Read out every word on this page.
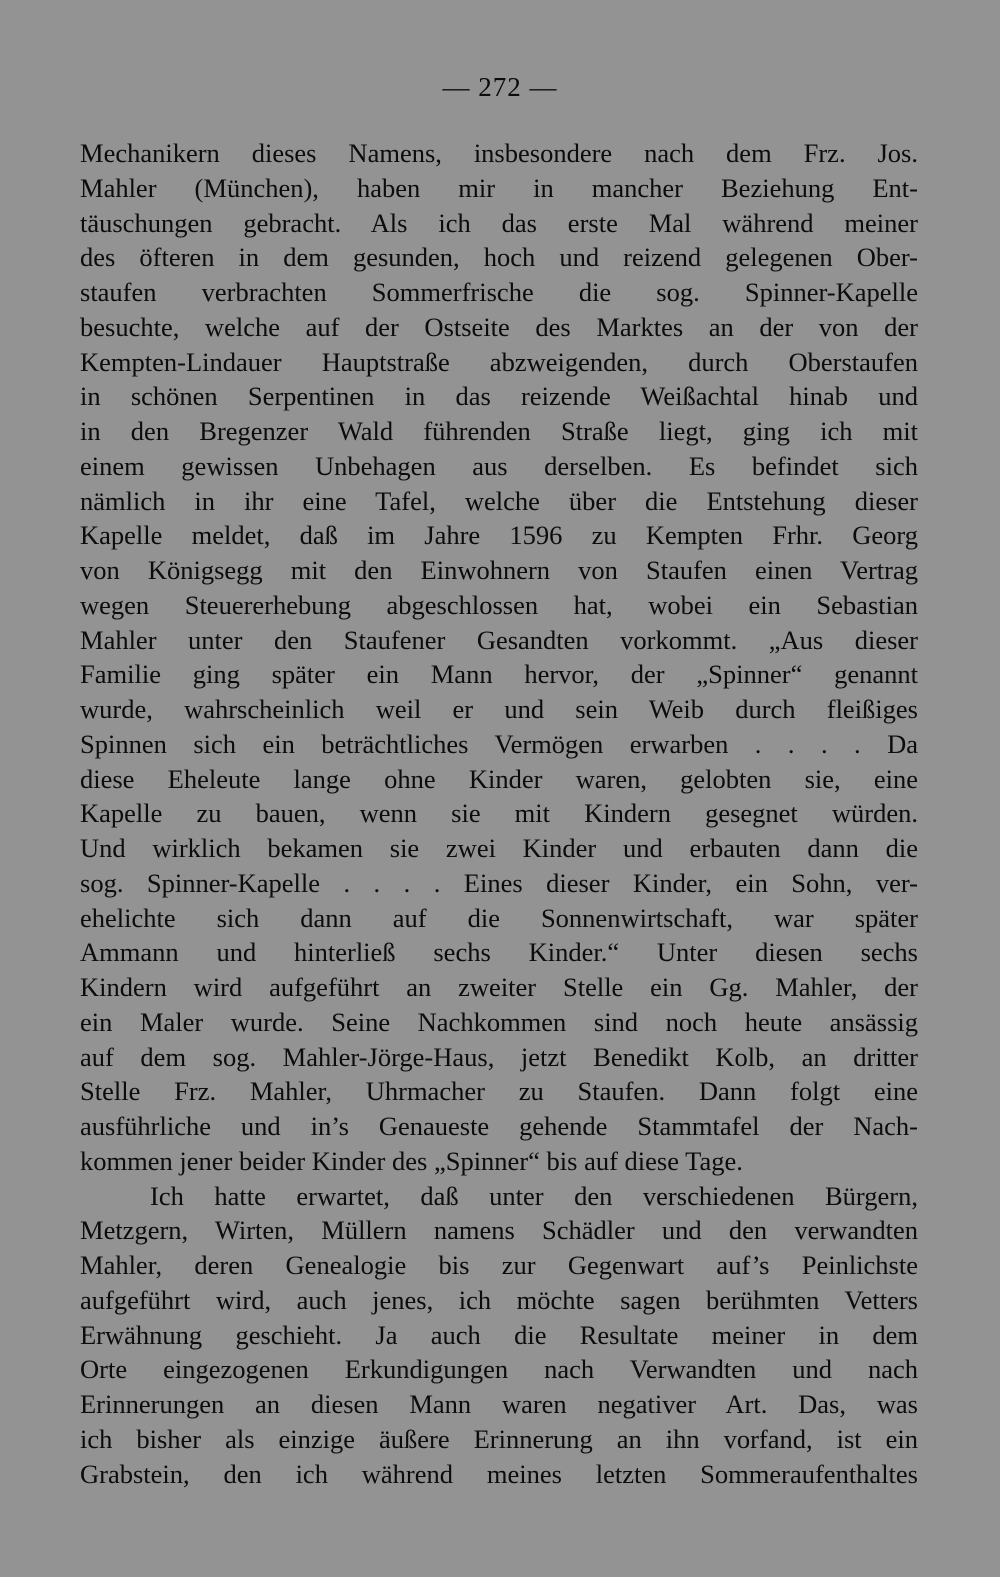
— 272 —
Mechanikern dieses Namens, insbesondere nach dem Frz. Jos.
Mahler (München), haben mir in mancher Beziehung Ent-
täuschungen gebracht. Als ich das erste Mal während meiner
des öfteren in dem gesunden, hoch und reizend gelegenen Ober-
staufen verbrachten Sommerfrische die sog. Spinner-Kapelle
besuchte, welche auf der Ostseite des Marktes an der von der
Kempten-Lindauer Hauptstraße abzweigenden, durch Oberstaufen
in schönen Serpentinen in das reizende Weißachtal hinab und
in den Bregenzer Wald führenden Straße liegt, ging ich mit
einem gewissen Unbehagen aus derselben. Es befindet sich
nämlich in ihr eine Tafel, welche über die Entstehung dieser
Kapelle meldet, daß im Jahre 1596 zu Kempten Frhr. Georg
von Königsegg mit den Einwohnern von Staufen einen Vertrag
wegen Steuererhebung abgeschlossen hat, wobei ein Sebastian
Mahler unter den Staufener Gesandten vorkommt. „Aus dieser
Familie ging später ein Mann hervor, der „Spinner“ genannt
wurde, wahrscheinlich weil er und sein Weib durch fleißiges
Spinnen sich ein beträchtliches Vermögen erwarben . . . . Da
diese Eheleute lange ohne Kinder waren, gelobten sie, eine
Kapelle zu bauen, wenn sie mit Kindern gesegnet würden.
Und wirklich bekamen sie zwei Kinder und erbauten dann die
sog. Spinner-Kapelle . . . . Eines dieser Kinder, ein Sohn, ver-
ehelichte sich dann auf die Sonnenwirtschaft, war später
Ammann und hinterließ sechs Kinder.“ Unter diesen sechs
Kindern wird aufgeführt an zweiter Stelle ein Gg. Mahler, der
ein Maler wurde. Seine Nachkommen sind noch heute ansässig
auf dem sog. Mahler-Jörge-Haus, jetzt Benedikt Kolb, an dritter
Stelle Frz. Mahler, Uhrmacher zu Staufen. Dann folgt eine
ausführliche und in’s Genaueste gehende Stammtafel der Nach-
kommen jener beider Kinder des „Spinner“ bis auf diese Tage.
Ich hatte erwartet, daß unter den verschiedenen Bürgern,
Metzgern, Wirten, Müllern namens Schädler und den verwandten
Mahler, deren Genealogie bis zur Gegenwart auf’s Peinlichste
aufgeführt wird, auch jenes, ich möchte sagen berühmten Vetters
Erwähnung geschieht. Ja auch die Resultate meiner in dem
Orte eingezogenen Erkundigungen nach Verwandten und nach
Erinnerungen an diesen Mann waren negativer Art. Das, was
ich bisher als einzige äußere Erinnerung an ihn vorfand, ist ein
Grabstein, den ich während meines letzten Sommeraufenthaltes
